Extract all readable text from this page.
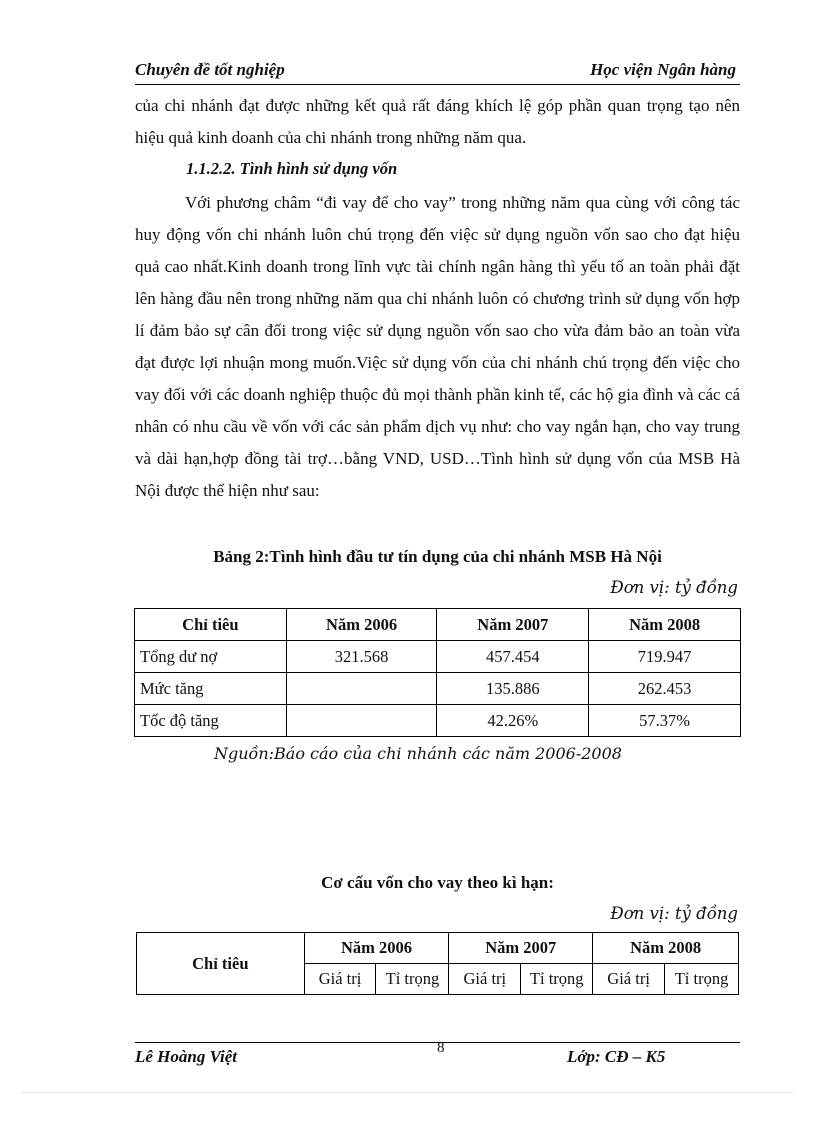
Chuyên đề tốt nghiệp	Học viện Ngân hàng

của chi nhánh đạt được những kết quả rất đáng khích lệ góp phần quan trọng tạo nên hiệu quả kinh doanh của chi nhánh trong những năm qua.

1.1.2.2. Tình hình sử dụng vốn

Với phương châm “đi vay để cho vay” trong những năm qua cùng với công tác huy động vốn chi nhánh luôn chú trọng đến việc sử dụng nguồn vốn sao cho đạt hiệu quả cao nhất.Kinh doanh trong lĩnh vực tài chính ngân hàng thì yếu tố an toàn phải đặt lên hàng đầu nên trong những năm qua chi nhánh luôn có chương trình sử dụng vốn hợp lí đảm bảo sự cân đối trong việc sử dụng nguồn vốn sao cho vừa đảm bảo an toàn vừa đạt được lợi nhuận mong muốn.Việc sử dụng vốn của chi nhánh chú trọng đến việc cho vay đối với các doanh nghiệp thuộc đủ mọi thành phần kinh tế, các hộ gia đình và các cá nhân có nhu cầu về vốn với các sản phẩm dịch vụ như: cho vay ngắn hạn, cho vay trung và dài hạn,hợp đồng tài trợ…bằng VND, USD…Tình hình sử dụng vốn của MSB Hà Nội được thể hiện như sau:

Bảng 2:Tình hình đầu tư tín dụng của chi nhánh MSB Hà Nội
Đơn vị: tỷ đồng
Chỉ tiêu	Năm 2006	Năm 2007	Năm 2008
Tổng dư nợ	321.568	457.454	719.947
Mức tăng		135.886	262.453
Tốc độ tăng		42.26%	57.37%
Nguồn:Báo cáo của chi nhánh các năm 2006-2008
Cơ cấu vốn cho vay theo kì hạn:
Đơn vị: tỷ đồng
Chỉ tiêu	Năm 2006		Năm 2007		Năm 2008	
	Giá trị	Tỉ trọng	Giá trị	Tỉ trọng	Giá trị	Tỉ trọng
8
Lê Hoàng Việt	Lớp: CĐ – K5
